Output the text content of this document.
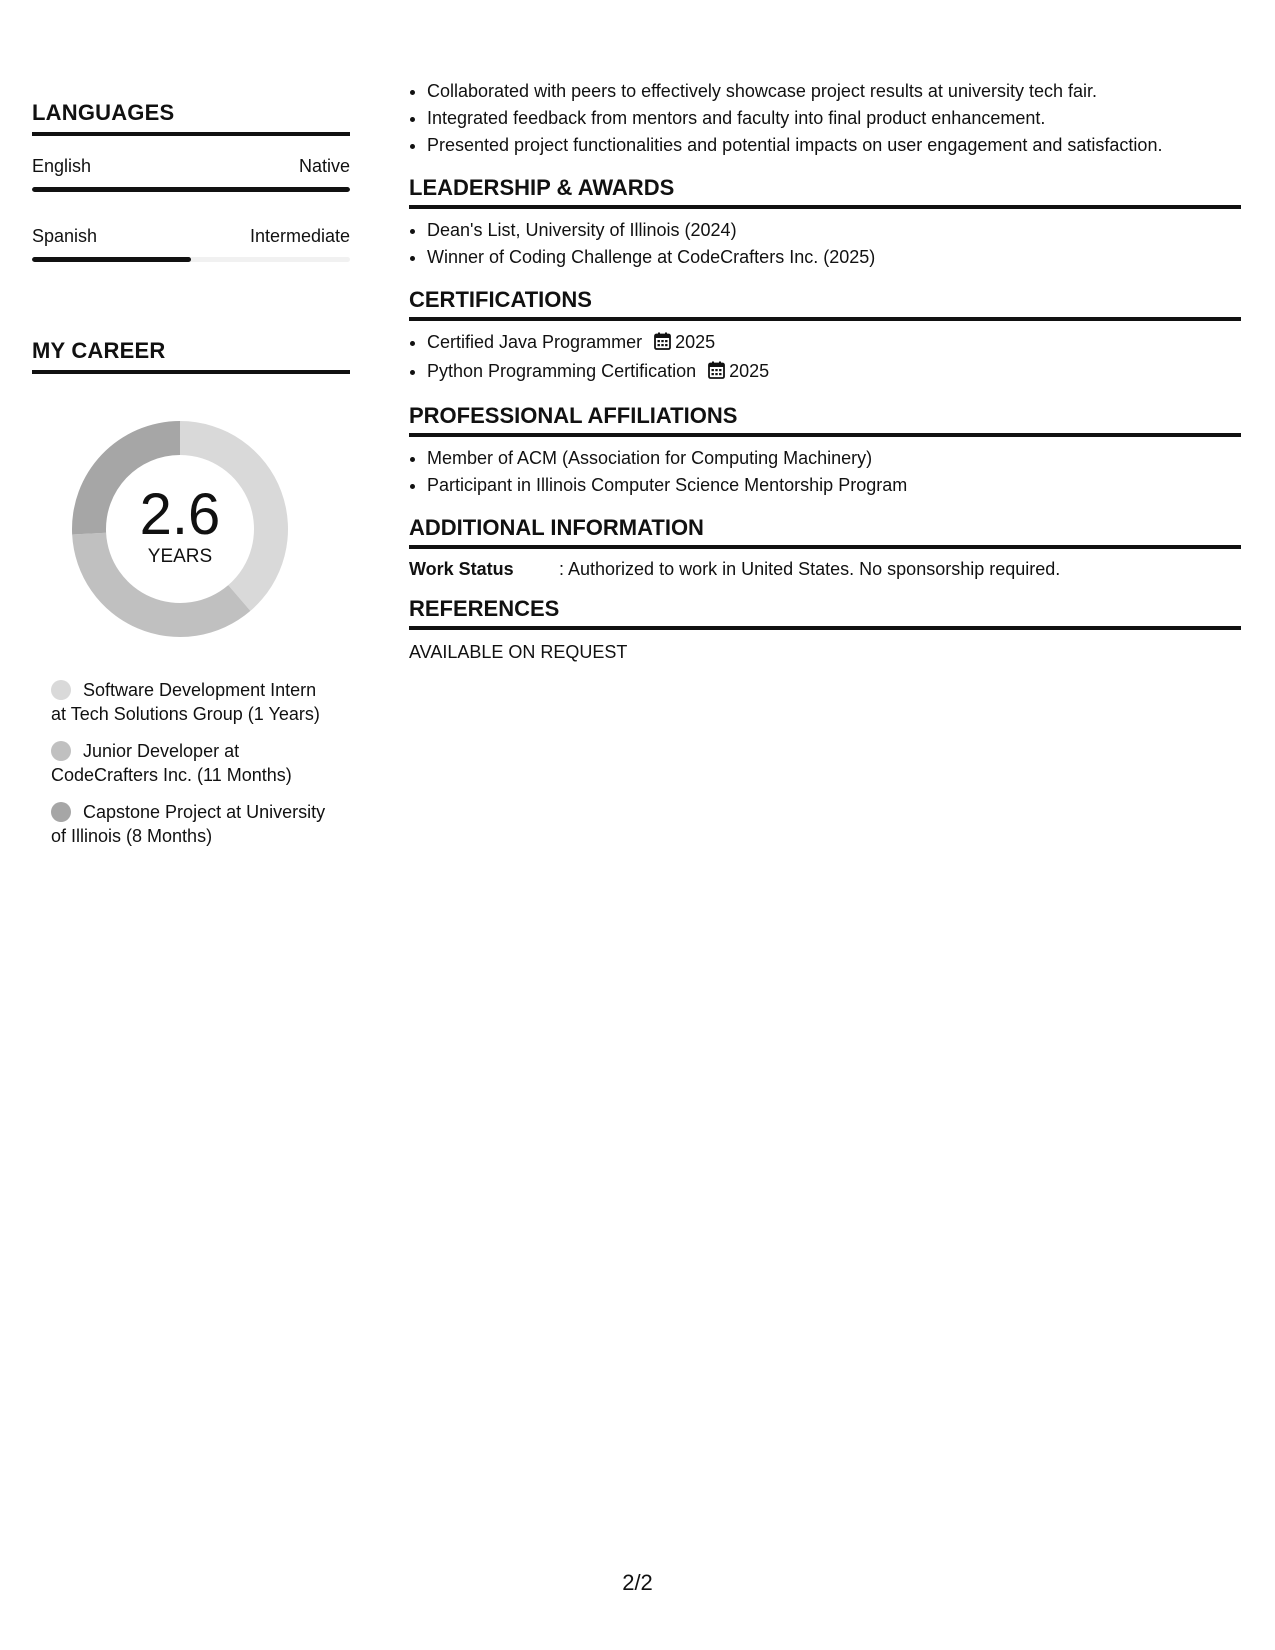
LANGUAGES
English	Native
Spanish	Intermediate
MY CAREER
2.6
YEARS
Software Development Intern at Tech Solutions Group (1 Years)
Junior Developer at CodeCrafters Inc. (11 Months)
Capstone Project at University of Illinois (8 Months)
• Collaborated with peers to effectively showcase project results at university tech fair.
• Integrated feedback from mentors and faculty into final product enhancement.
• Presented project functionalities and potential impacts on user engagement and satisfaction.
LEADERSHIP & AWARDS
• Dean's List, University of Illinois (2024)
• Winner of Coding Challenge at CodeCrafters Inc. (2025)
CERTIFICATIONS
• Certified Java Programmer 2025
• Python Programming Certification 2025
PROFESSIONAL AFFILIATIONS
• Member of ACM (Association for Computing Machinery)
• Participant in Illinois Computer Science Mentorship Program
ADDITIONAL INFORMATION
Work Status	: Authorized to work in United States. No sponsorship required.
REFERENCES
AVAILABLE ON REQUEST
2/2
